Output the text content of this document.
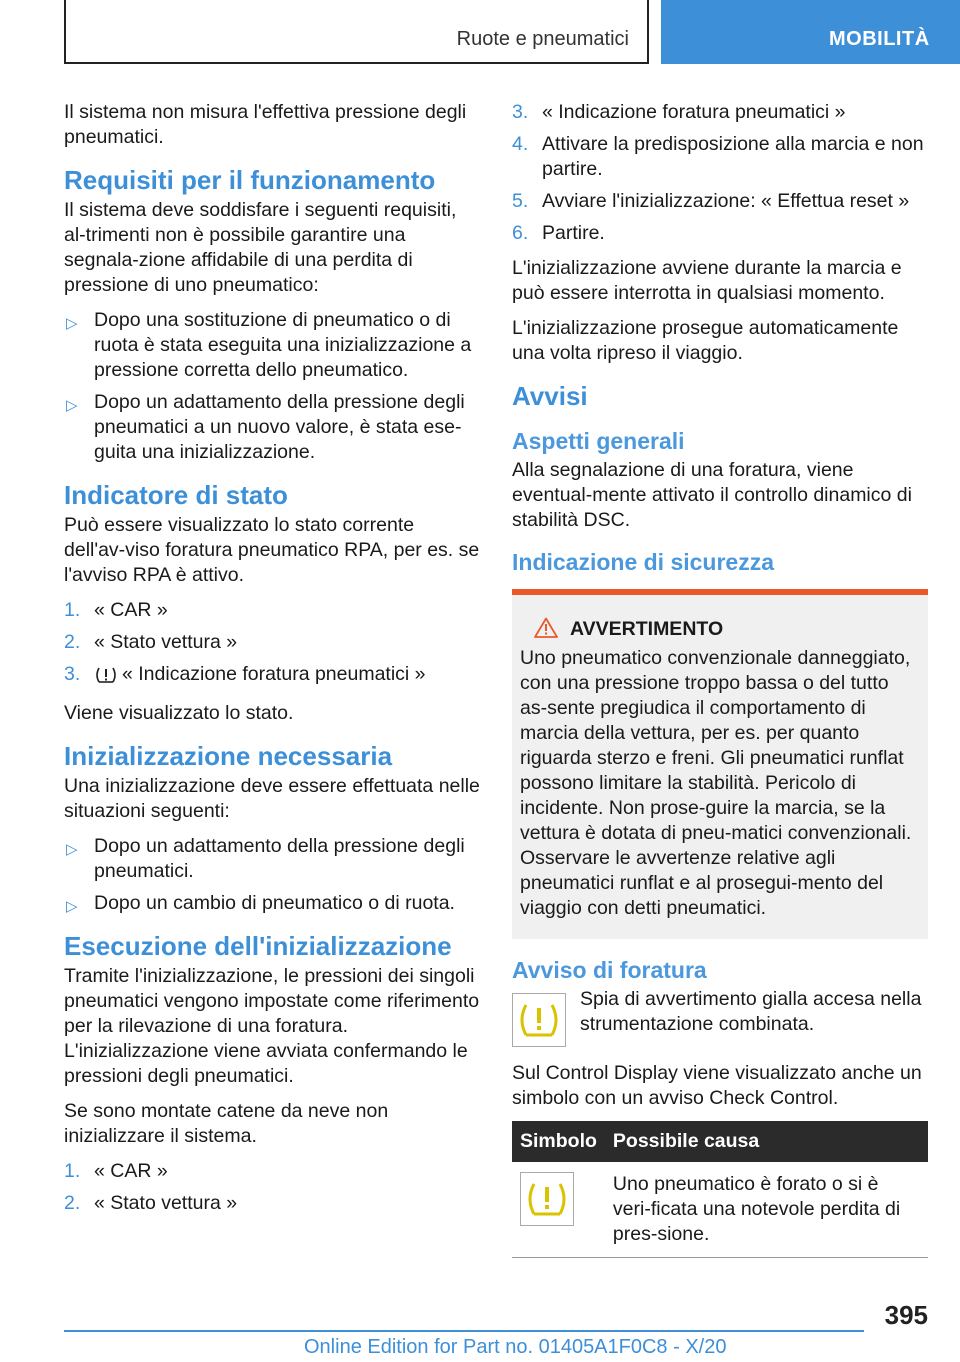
Ruote e pneumatici	MOBILITÀ

Il sistema non misura l'effettiva pressione degli pneumatici.

Requisiti per il funzionamento

Il sistema deve soddisfare i seguenti requisiti, al-trimenti non è possibile garantire una segnala-zione affidabile di una perdita di pressione di uno pneumatico:

▷ Dopo una sostituzione di pneumatico o di ruota è stata eseguita una inizializzazione a pressione corretta dello pneumatico.
▷ Dopo un adattamento della pressione degli pneumatici a un nuovo valore, è stata ese-guita una inizializzazione.
Indicatore di stato

Può essere visualizzato lo stato corrente dell'av-viso foratura pneumatico RPA, per es. se l'avviso RPA è attivo.

1. « CAR »
2. « Stato vettura »
3. « Indicazione foratura pneumatici »

Viene visualizzato lo stato.

Inizializzazione necessaria

Una inizializzazione deve essere effettuata nelle situazioni seguenti:

▷ Dopo un adattamento della pressione degli pneumatici.
▷ Dopo un cambio di pneumatico o di ruota.
Esecuzione dell'inizializzazione

Tramite l'inizializzazione, le pressioni dei singoli pneumatici vengono impostate come riferimento per la rilevazione di una foratura. L'inizializzazione viene avviata confermando le pressioni degli pneumatici.

Se sono montate catene da neve non inizializzare il sistema.

1. « CAR »
2. « Stato vettura »
3. « Indicazione foratura pneumatici »
4. Attivare la predisposizione alla marcia e non partire.
5. Avviare l'inizializzazione: « Effettua reset »
6. Partire.

L'inizializzazione avviene durante la marcia e può essere interrotta in qualsiasi momento.

L'inizializzazione prosegue automaticamente una volta ripreso il viaggio.

Avvisi
Aspetti generali

Alla segnalazione di una foratura, viene eventual-mente attivato il controllo dinamico di stabilità DSC.

Indicazione di sicurezza
AVVERTIMENTO
Uno pneumatico convenzionale danneggiato, con una pressione troppo bassa o del tutto as-sente pregiudica il comportamento di marcia della vettura, per es. per quanto riguarda sterzo e freni. Gli pneumatici runflat possono limitare la stabilità. Pericolo di incidente. Non prose-guire la marcia, se la vettura è dotata di pneu-matici convenzionali. Osservare le avvertenze relative agli pneumatici runflat e al prosegui-mento del viaggio con detti pneumatici.
Avviso di foratura
Spia di avvertimento gialla accesa nella strumentazione combinata.

Sul Control Display viene visualizzato anche un simbolo con un avviso Check Control.

Simbolo	Possibile causa

	Uno pneumatico è forato o si è veri-ficata una notevole perdita di pres-sione.
395
Online Edition for Part no. 01405A1F0C8 - X/20
